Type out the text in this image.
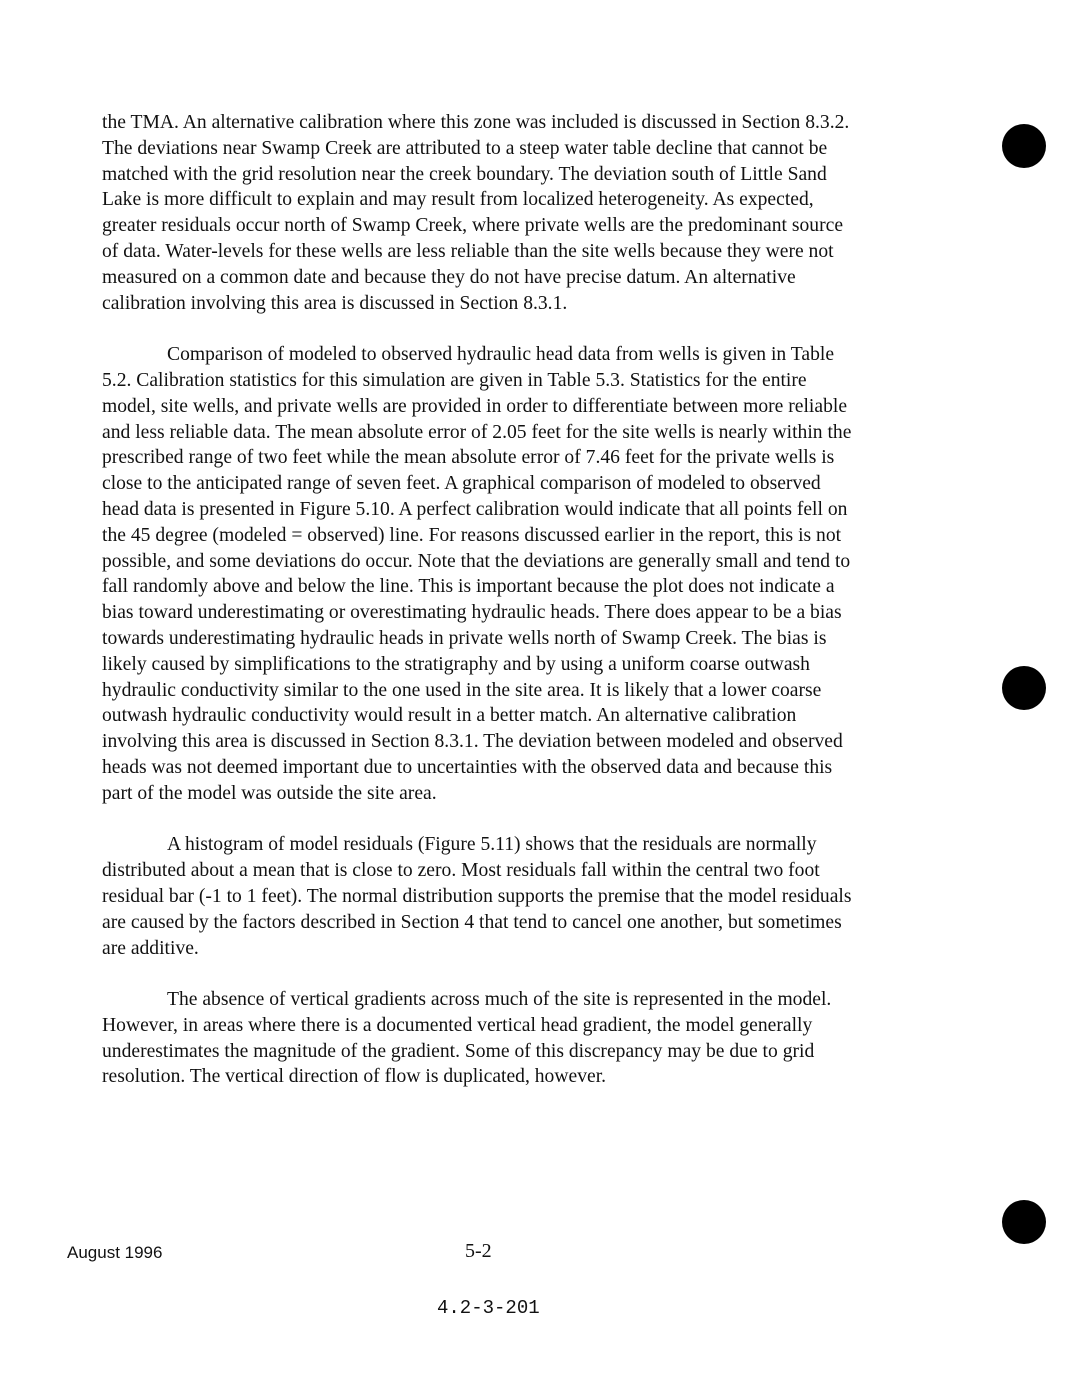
the TMA. An alternative calibration where this zone was included is discussed in Section 8.3.2. The deviations near Swamp Creek are attributed to a steep water table decline that cannot be matched with the grid resolution near the creek boundary. The deviation south of Little Sand Lake is more difficult to explain and may result from localized heterogeneity. As expected, greater residuals occur north of Swamp Creek, where private wells are the predominant source of data. Water-levels for these wells are less reliable than the site wells because they were not measured on a common date and because they do not have precise datum. An alternative calibration involving this area is discussed in Section 8.3.1.

Comparison of modeled to observed hydraulic head data from wells is given in Table 5.2. Calibration statistics for this simulation are given in Table 5.3. Statistics for the entire model, site wells, and private wells are provided in order to differentiate between more reliable and less reliable data. The mean absolute error of 2.05 feet for the site wells is nearly within the prescribed range of two feet while the mean absolute error of 7.46 feet for the private wells is close to the anticipated range of seven feet. A graphical comparison of modeled to observed head data is presented in Figure 5.10. A perfect calibration would indicate that all points fell on the 45 degree (modeled = observed) line. For reasons discussed earlier in the report, this is not possible, and some deviations do occur. Note that the deviations are generally small and tend to fall randomly above and below the line. This is important because the plot does not indicate a bias toward underestimating or overestimating hydraulic heads. There does appear to be a bias towards underestimating hydraulic heads in private wells north of Swamp Creek. The bias is likely caused by simplifications to the stratigraphy and by using a uniform coarse outwash hydraulic conductivity similar to the one used in the site area. It is likely that a lower coarse outwash hydraulic conductivity would result in a better match. An alternative calibration involving this area is discussed in Section 8.3.1. The deviation between modeled and observed heads was not deemed important due to uncertainties with the observed data and because this part of the model was outside the site area.

A histogram of model residuals (Figure 5.11) shows that the residuals are normally distributed about a mean that is close to zero. Most residuals fall within the central two foot residual bar (-1 to 1 feet). The normal distribution supports the premise that the model residuals are caused by the factors described in Section 4 that tend to cancel one another, but sometimes are additive.

The absence of vertical gradients across much of the site is represented in the model. However, in areas where there is a documented vertical head gradient, the model generally underestimates the magnitude of the gradient. Some of this discrepancy may be due to grid resolution. The vertical direction of flow is duplicated, however.

August 1996	5-2
4.2-3-201
